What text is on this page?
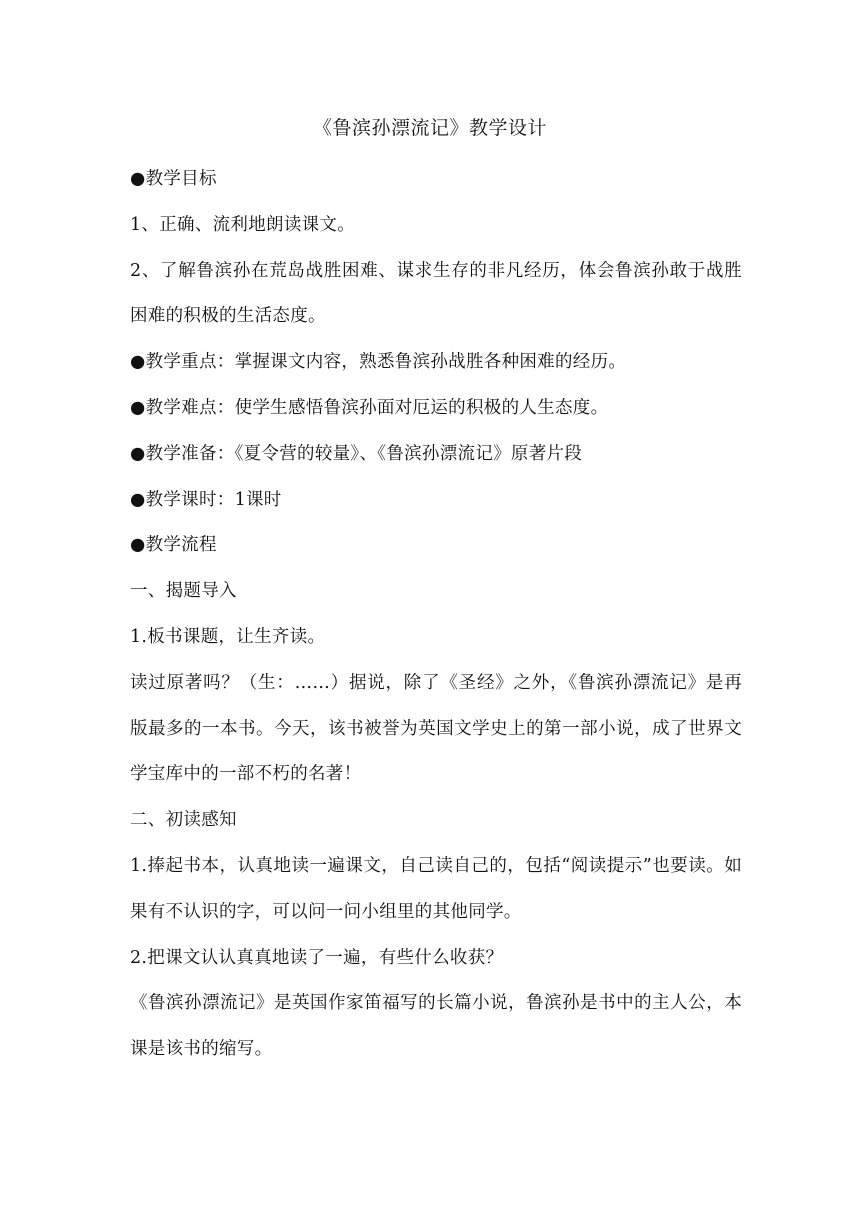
《鲁滨孙漂流记》教学设计

●教学目标

1、正确、流利地朗读课文。

2、了解鲁滨孙在荒岛战胜困难、谋求生存的非凡经历，体会鲁滨孙敢于战胜困难的积极的生活态度。

●教学重点：掌握课文内容，熟悉鲁滨孙战胜各种困难的经历。

●教学难点：使学生感悟鲁滨孙面对厄运的积极的人生态度。

●教学准备：《夏令营的较量》、《鲁滨孙漂流记》原著片段

●教学课时：1课时

●教学流程

一、揭题导入

1.板书课题，让生齐读。

读过原著吗？（生：……）据说，除了《圣经》之外，《鲁滨孙漂流记》是再版最多的一本书。今天，该书被誉为英国文学史上的第一部小说，成了世界文学宝库中的一部不朽的名著！

二、初读感知

1.捧起书本，认真地读一遍课文，自己读自己的，包括“阅读提示”也要读。如果有不认识的字，可以问一问小组里的其他同学。

2.把课文认认真真地读了一遍，有些什么收获？

《鲁滨孙漂流记》是英国作家笛福写的长篇小说，鲁滨孙是书中的主人公，本课是该书的缩写。
